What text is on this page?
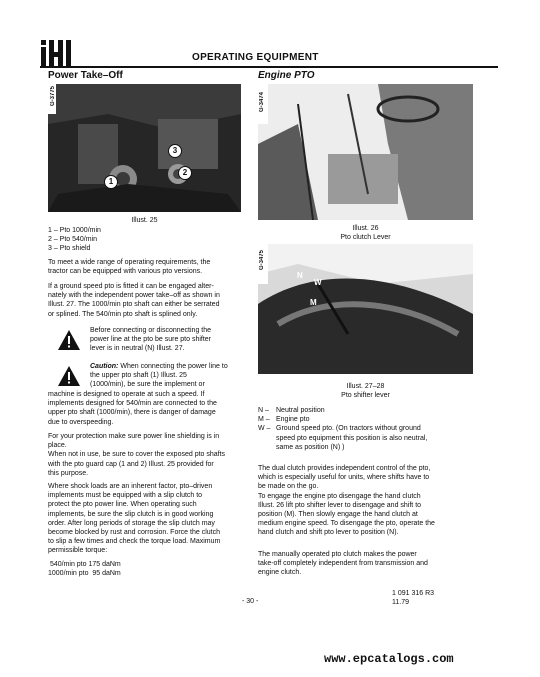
OPERATING EQUIPMENT
Power Take–Off
G-3775
1
2
3
Illust. 25
1 – Pto 1000/min
2 – Pto 540/min
3 – Pto shield
To meet a wide range of operating requirements, the
tractor can be equipped with various pto versions.
If a ground speed pto is fitted it can be engaged alter-
nately with the independent power take–off as shown in
Illust. 27. The 1000/min pto shaft can either be serrated
or splined. The 540/min pto shaft is splined only.
Before connecting or disconnecting the
power line at the pto be sure pto shifter
lever is in neutral (N) Illust. 27.
Caution: When connecting the power line to
the upper pto shaft (1) Illust. 25
(1000/min), be sure the implement or
machine is designed to operate at such a speed. If
implements designed for 540/min are connected to the
upper pto shaft (1000/min), there is danger of damage
due to overspeeding.
For your protection make sure power line shielding is in
place.
When not in use, be sure to cover the exposed pto shafts
with the pto guard cap (1 and 2) Illust. 25 provided for
this purpose.
Where shock loads are an inherent factor, pto–driven
implements must be equipped with a slip clutch to
protect the pto power line. When operating such
implements, be sure the slip clutch is in good working
order. After long periods of storage the slip clutch may
become blocked by rust and corrosion. Force the clutch
to slip a few times and check the torque load. Maximum
permissible torque:
540/min pto 175 daNm
1000/min pto  95 daNm
Engine PTO
G-3474
Illust. 26
Pto clutch Lever
G-3475
N
W
M
Illust. 27–28
Pto shifter lever
N –	Neutral position
M – Engine pto
W – Ground speed pto. (On tractors without ground
speed pto equipment this position is also neutral,
same as position (N) )
The dual clutch provides independent control of the pto,
which is especially useful for units, where shifts have to
be made on the go.
To engage the engine pto disengage the hand clutch
Illust. 26 lift pto shifter lever to disengage and shift to
position (M). Then slowly engage the hand clutch at
medium engine speed. To disengage the pto, operate the
hand clutch and shift pto lever to position (N).
The manually operated pto clutch makes the power
take-off completely independent from transmission and
engine clutch.
- 30 -
1 091 316 R3
11.79
www.epcatalogs.com
